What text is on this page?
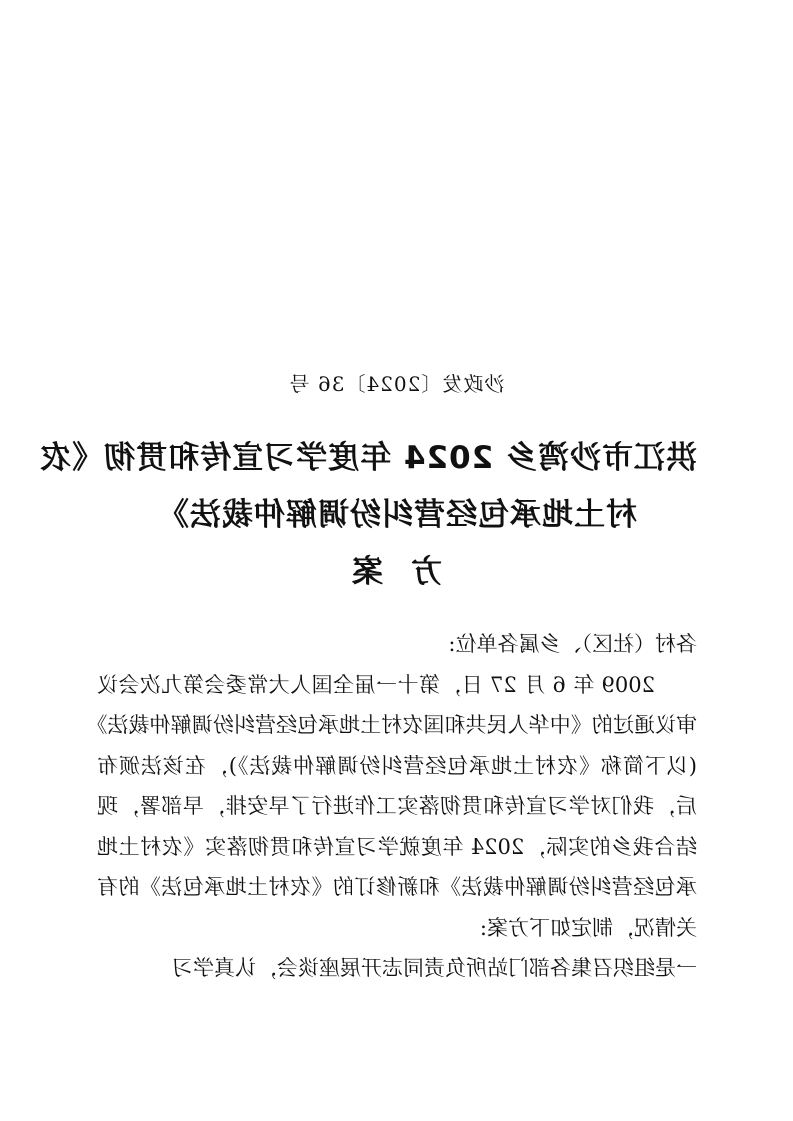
沙政发〔2024〕36 号
洪江市沙湾乡 2024 年度学习宣传和贯彻《农
村土地承包经营纠纷调解仲裁法》
方案

各村（社区）、乡属各单位:

2009 年 6 月 27 日，第十一届全国人大常委会第九次会议审议通过的《中华人民共和国农村土地承包经营纠纷调解仲裁法》(以下简称《农村土地承包经营纠纷调解仲裁法》)，在该法颁布后，我们对学习宣传和贯彻落实工作进行了早安排，早部署，现结合我乡的实际，2024 年度就学习宣传和贯彻落实《农村土地承包经营纠纷调解仲裁法》和新修订的《农村土地承包法》的有关情况，制定如下方案:

一是组织召集各部门站所负责同志开展座谈会，认真学习
